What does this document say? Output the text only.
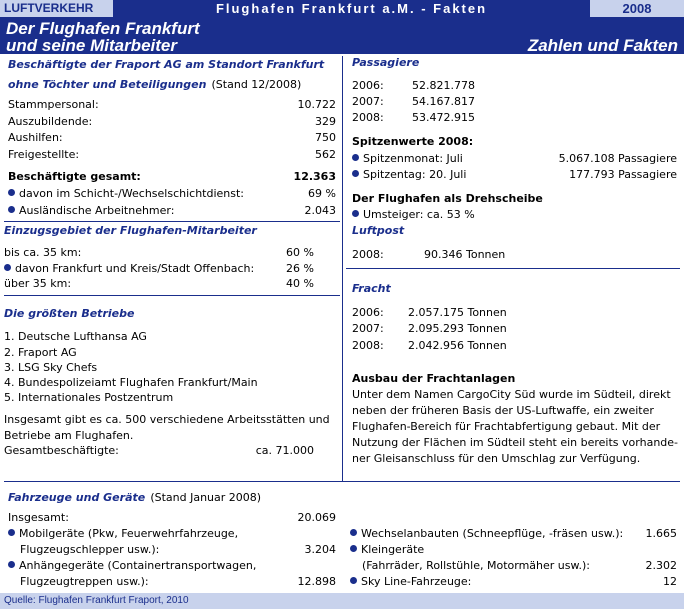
LUFTVERKEHR	Flughafen Frankfurt a.M. - Fakten	2008
Der Flughafen Frankfurt
und seine Mitarbeiter	Zahlen und Fakten
Beschäftigte der Fraport AG am Standort Frankfurt
ohne Töchter und Beteiligungen (Stand 12/2008)
Stammpersonal:	10.722
Auszubildende:	329
Aushilfen:	750
Freigestellte:	562
Beschäftigte gesamt:	12.363
davon im Schicht-/Wechselschichtdienst:	69 %
Ausländische Arbeitnehmer:	2.043
Einzugsgebiet der Flughafen-Mitarbeiter
bis ca. 35 km:	60 %
davon Frankfurt und Kreis/Stadt Offenbach:	26 %
über 35 km:	40 %
Die größten Betriebe
1. Deutsche Lufthansa AG
2. Fraport AG
3. LSG Sky Chefs
4. Bundespolizeiamt Flughafen Frankfurt/Main
5. Internationales Postzentrum
Insgesamt gibt es ca. 500 verschiedene Arbeitsstätten und
Betriebe am Flughafen.
Gesamtbeschäftigte:	ca. 71.000
Passagiere
2006:	52.821.778
2007:	54.167.817
2008:	53.472.915
Spitzenwerte 2008:
Spitzenmonat: Juli	5.067.108 Passagiere
Spitzentag: 20. Juli	177.793 Passagiere
Der Flughafen als Drehscheibe
Umsteiger: ca. 53 %
Luftpost
2008:	90.346 Tonnen
Fracht
2006: 2.057.175 Tonnen
2007: 2.095.293 Tonnen
2008: 2.042.956 Tonnen
Ausbau der Frachtanlagen
Unter dem Namen CargoCity Süd wurde im Südteil, direkt
neben der früheren Basis der US-Luftwaffe, ein zweiter
Flughafen-Bereich für Frachtabfertigung gebaut. Mit der
Nutzung der Flächen im Südteil steht ein bereits vorhande-
ner Gleisanschluss für den Umschlag zur Verfügung.
Fahrzeuge und Geräte (Stand Januar 2008)
Insgesamt:	20.069
Mobilgeräte (Pkw, Feuerwehrfahrzeuge,
Flugzeugschlepper usw.):	3.204
Anhängegeräte (Containertransportwagen,
Flugzeugtreppen usw.):	12.898
Wechselanbauten (Schneepflüge, -fräsen usw.):	1.665
Kleingeräte
(Fahrräder, Rollstühle, Motormäher usw.):	2.302
Sky Line-Fahrzeuge:	12
Quelle: Flughafen Frankfurt Fraport, 2010
